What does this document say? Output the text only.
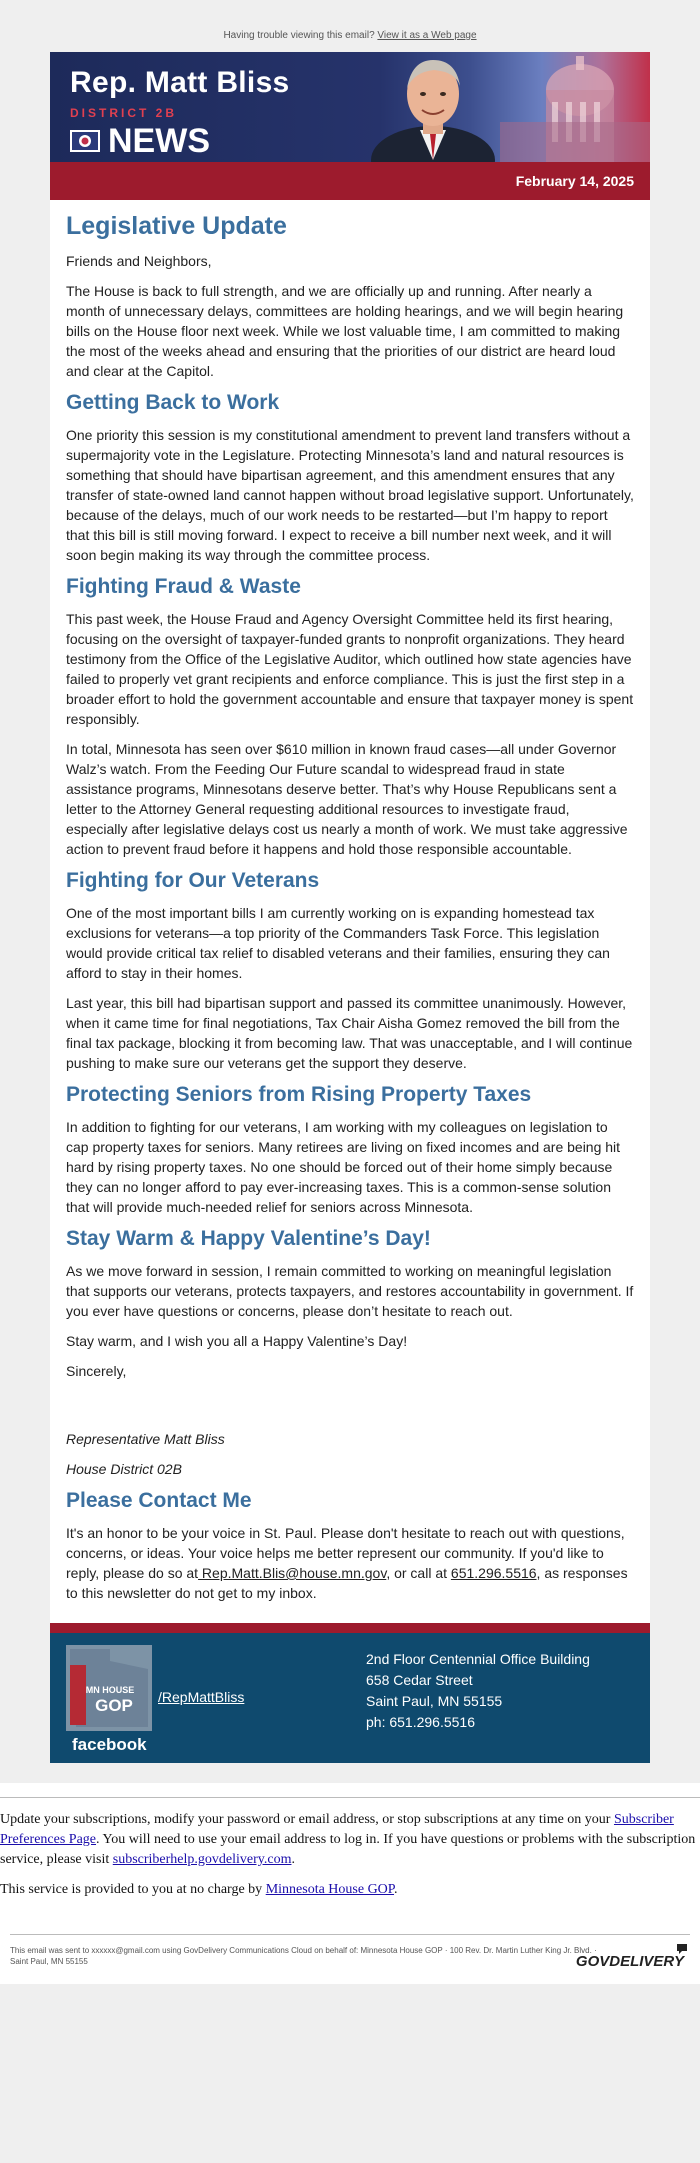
Having trouble viewing this email? View it as a Web page
Rep. Matt Bliss
DISTRICT 2B
NEWS
February 14, 2025
Legislative Update

Friends and Neighbors,

The House is back to full strength, and we are officially up and running. After nearly a month of unnecessary delays, committees are holding hearings, and we will begin hearing bills on the House floor next week. While we lost valuable time, I am committed to making the most of the weeks ahead and ensuring that the priorities of our district are heard loud and clear at the Capitol.

Getting Back to Work

One priority this session is my constitutional amendment to prevent land transfers without a supermajority vote in the Legislature. Protecting Minnesota’s land and natural resources is something that should have bipartisan agreement, and this amendment ensures that any transfer of state-owned land cannot happen without broad legislative support. Unfortunately, because of the delays, much of our work needs to be restarted—but I’m happy to report that this bill is still moving forward. I expect to receive a bill number next week, and it will soon begin making its way through the committee process.

Fighting Fraud & Waste

This past week, the House Fraud and Agency Oversight Committee held its first hearing, focusing on the oversight of taxpayer-funded grants to nonprofit organizations. They heard testimony from the Office of the Legislative Auditor, which outlined how state agencies have failed to properly vet grant recipients and enforce compliance. This is just the first step in a broader effort to hold the government accountable and ensure that taxpayer money is spent responsibly.

In total, Minnesota has seen over $610 million in known fraud cases—all under Governor Walz’s watch. From the Feeding Our Future scandal to widespread fraud in state assistance programs, Minnesotans deserve better. That’s why House Republicans sent a letter to the Attorney General requesting additional resources to investigate fraud, especially after legislative delays cost us nearly a month of work. We must take aggressive action to prevent fraud before it happens and hold those responsible accountable.

Fighting for Our Veterans

One of the most important bills I am currently working on is expanding homestead tax exclusions for veterans—a top priority of the Commanders Task Force. This legislation would provide critical tax relief to disabled veterans and their families, ensuring they can afford to stay in their homes.

Last year, this bill had bipartisan support and passed its committee unanimously. However, when it came time for final negotiations, Tax Chair Aisha Gomez removed the bill from the final tax package, blocking it from becoming law. That was unacceptable, and I will continue pushing to make sure our veterans get the support they deserve.

Protecting Seniors from Rising Property Taxes

In addition to fighting for our veterans, I am working with my colleagues on legislation to cap property taxes for seniors. Many retirees are living on fixed incomes and are being hit hard by rising property taxes. No one should be forced out of their home simply because they can no longer afford to pay ever-increasing taxes. This is a common-sense solution that will provide much-needed relief for seniors across Minnesota.

Stay Warm & Happy Valentine’s Day!

As we move forward in session, I remain committed to working on meaningful legislation that supports our veterans, protects taxpayers, and restores accountability in government. If you ever have questions or concerns, please don’t hesitate to reach out.

Stay warm, and I wish you all a Happy Valentine’s Day!

Sincerely,

Representative Matt Bliss

House District 02B

Please Contact Me

It's an honor to be your voice in St. Paul. Please don't hesitate to reach out with questions, concerns, or ideas. Your voice helps me better represent our community. If you'd like to reply, please do so at Rep.Matt.Blis@house.mn.gov, or call at 651.296.5516, as responses to this newsletter do not get to my inbox.

MN HOUSE
GOP /RepMattBliss
facebook
2nd Floor Centennial Office Building
658 Cedar Street
Saint Paul, MN 55155
ph: 651.296.5516

Update your subscriptions, modify your password or email address, or stop subscriptions at any time on your Subscriber Preferences Page. You will need to use your email address to log in. If you have questions or problems with the subscription service, please visit subscriberhelp.govdelivery.com.

This service is provided to you at no charge by Minnesota House GOP.

This email was sent to xxxxxx@gmail.com using GovDelivery Communications Cloud on behalf of: Minnesota House GOP · 100 Rev. Dr. Martin Luther King Jr. Blvd. · Saint Paul, MN 55155	GOVDELIVERY
